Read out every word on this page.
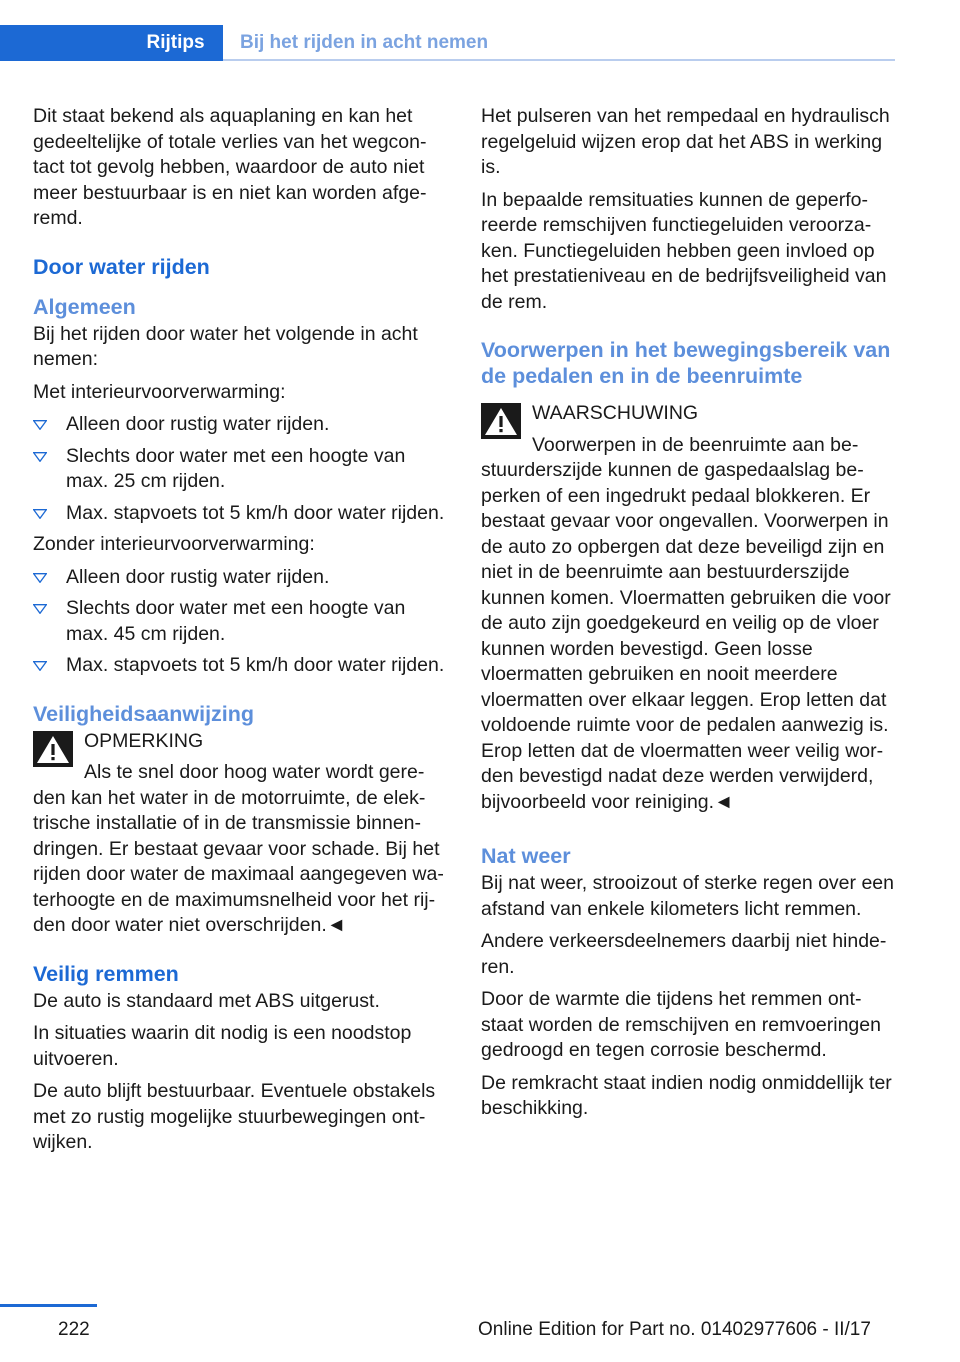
Rijtips	Bij het rijden in acht nemen

Dit staat bekend als aquaplaning en kan het gedeeltelijke of totale verlies van het wegcontact tot gevolg hebben, waardoor de auto niet meer bestuurbaar is en niet kan worden afgeremd.

Door water rijden
Algemeen

Bij het rijden door water het volgende in acht nemen:

Met interieurvoorverwarming:

Alleen door rustig water rijden.
Slechts door water met een hoogte van max. 25 cm rijden.
Max. stapvoets tot 5 km/h door water rijden.

Zonder interieurvoorverwarming:

Alleen door rustig water rijden.
Slechts door water met een hoogte van max. 45 cm rijden.
Max. stapvoets tot 5 km/h door water rijden.
Veiligheidsaanwijzing
OPMERKING

Als te snel door hoog water wordt gereden kan het water in de motorruimte, de elektrische installatie of in de transmissie binnendringen. Er bestaat gevaar voor schade. Bij het rijden door water de maximaal aangegeven waterhoogte en de maximumsnelheid voor het rijden door water niet overschrijden.◄

Veilig remmen

De auto is standaard met ABS uitgerust.

In situaties waarin dit nodig is een noodstop uitvoeren.

De auto blijft bestuurbaar. Eventuele obstakels met zo rustig mogelijke stuurbewegingen ontwijken.

Het pulseren van het rempedaal en hydraulisch regelgeluid wijzen erop dat het ABS in werking is.

In bepaalde remsituaties kunnen de geperforeerde remschijven functiegeluiden veroorzaken. Functiegeluiden hebben geen invloed op het prestatieniveau en de bedrijfsveiligheid van de rem.

Voorwerpen in het bewegingsbereik van de pedalen en in de beenruimte
WAARSCHUWING

Voorwerpen in de beenruimte aan bestuurderszijde kunnen de gaspedaalslag beperken of een ingedrukt pedaal blokkeren. Er bestaat gevaar voor ongevallen. Voorwerpen in de auto zo opbergen dat deze beveiligd zijn en niet in de beenruimte aan bestuurderszijde kunnen komen. Vloermatten gebruiken die voor de auto zijn goedgekeurd en veilig op de vloer kunnen worden bevestigd. Geen losse vloermatten gebruiken en nooit meerdere vloermatten over elkaar leggen. Erop letten dat voldoende ruimte voor de pedalen aanwezig is. Erop letten dat de vloermatten weer veilig worden bevestigd nadat deze werden verwijderd, bijvoorbeeld voor reiniging.◄

Nat weer

Bij nat weer, strooizout of sterke regen over een afstand van enkele kilometers licht remmen.

Andere verkeersdeelnemers daarbij niet hinderen.

Door de warmte die tijdens het remmen ontstaat worden de remschijven en remvoeringen gedroogd en tegen corrosie beschermd.

De remkracht staat indien nodig onmiddellijk ter beschikking.

222	Online Edition for Part no. 01402977606 - II/17
